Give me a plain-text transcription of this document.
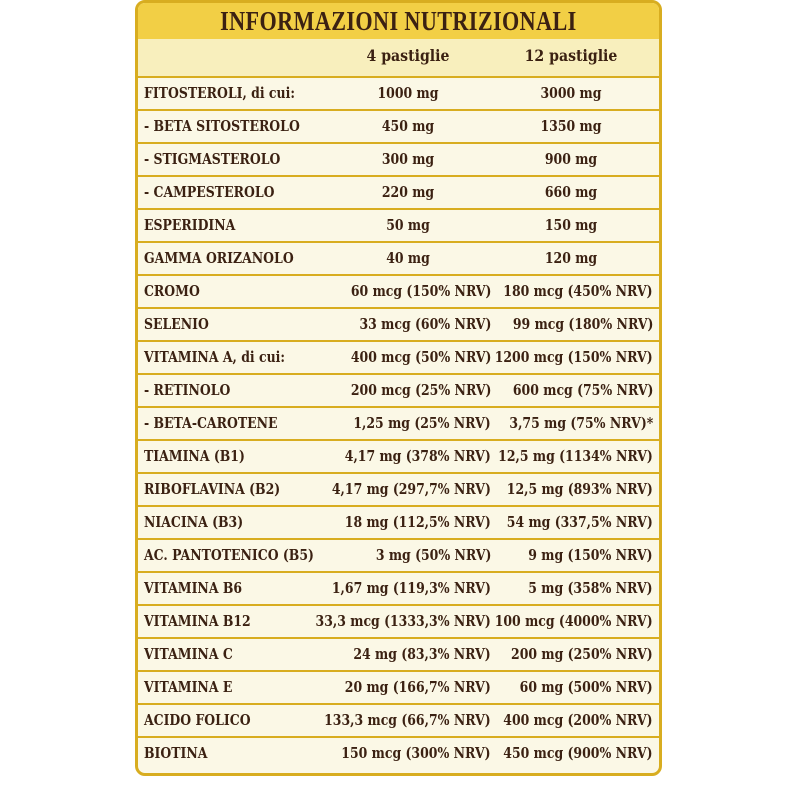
INFORMAZIONI NUTRIZIONALI
4 pastiglie	12 pastiglie
FITOSTEROLI, di cui:	1000 mg	3000 mg
- BETA SITOSTEROLO	450 mg	1350 mg
- STIGMASTEROLO	300 mg	900 mg
- CAMPESTEROLO	220 mg	660 mg
ESPERIDINA	50 mg	150 mg
GAMMA ORIZANOLO	40 mg	120 mg
CROMO	60 mcg (150% NRV) 180 mcg (450% NRV)
SELENIO	33 mcg (60% NRV) 99 mcg (180% NRV)
VITAMINA A, di cui:	400 mcg (50% NRV) 1200 mcg (150% NRV)
- RETINOLO	200 mcg (25% NRV) 600 mcg (75% NRV)
- BETA-CAROTENE	1,25 mg (25% NRV) 3,75 mg (75% NRV)*
TIAMINA (B1)	4,17 mg (378% NRV) 12,5 mg (1134% NRV)
RIBOFLAVINA (B2)	4,17 mg (297,7% NRV) 12,5 mg (893% NRV)
NIACINA (B3)	18 mg (112,5% NRV) 54 mg (337,5% NRV)
AC. PANTOTENICO (B5)	3 mg (50% NRV)	9 mg (150% NRV)
VITAMINA B6	1,67 mg (119,3% NRV)	5 mg (358% NRV)
VITAMINA B12	33,3 mcg (1333,3% NRV) 100 mcg (4000% NRV)
VITAMINA C	24 mg (83,3% NRV) 200 mg (250% NRV)
VITAMINA E	20 mg (166,7% NRV) 60 mg (500% NRV)
ACIDO FOLICO	133,3 mcg (66,7% NRV) 400 mcg (200% NRV)
BIOTINA	150 mcg (300% NRV) 450 mcg (900% NRV)
